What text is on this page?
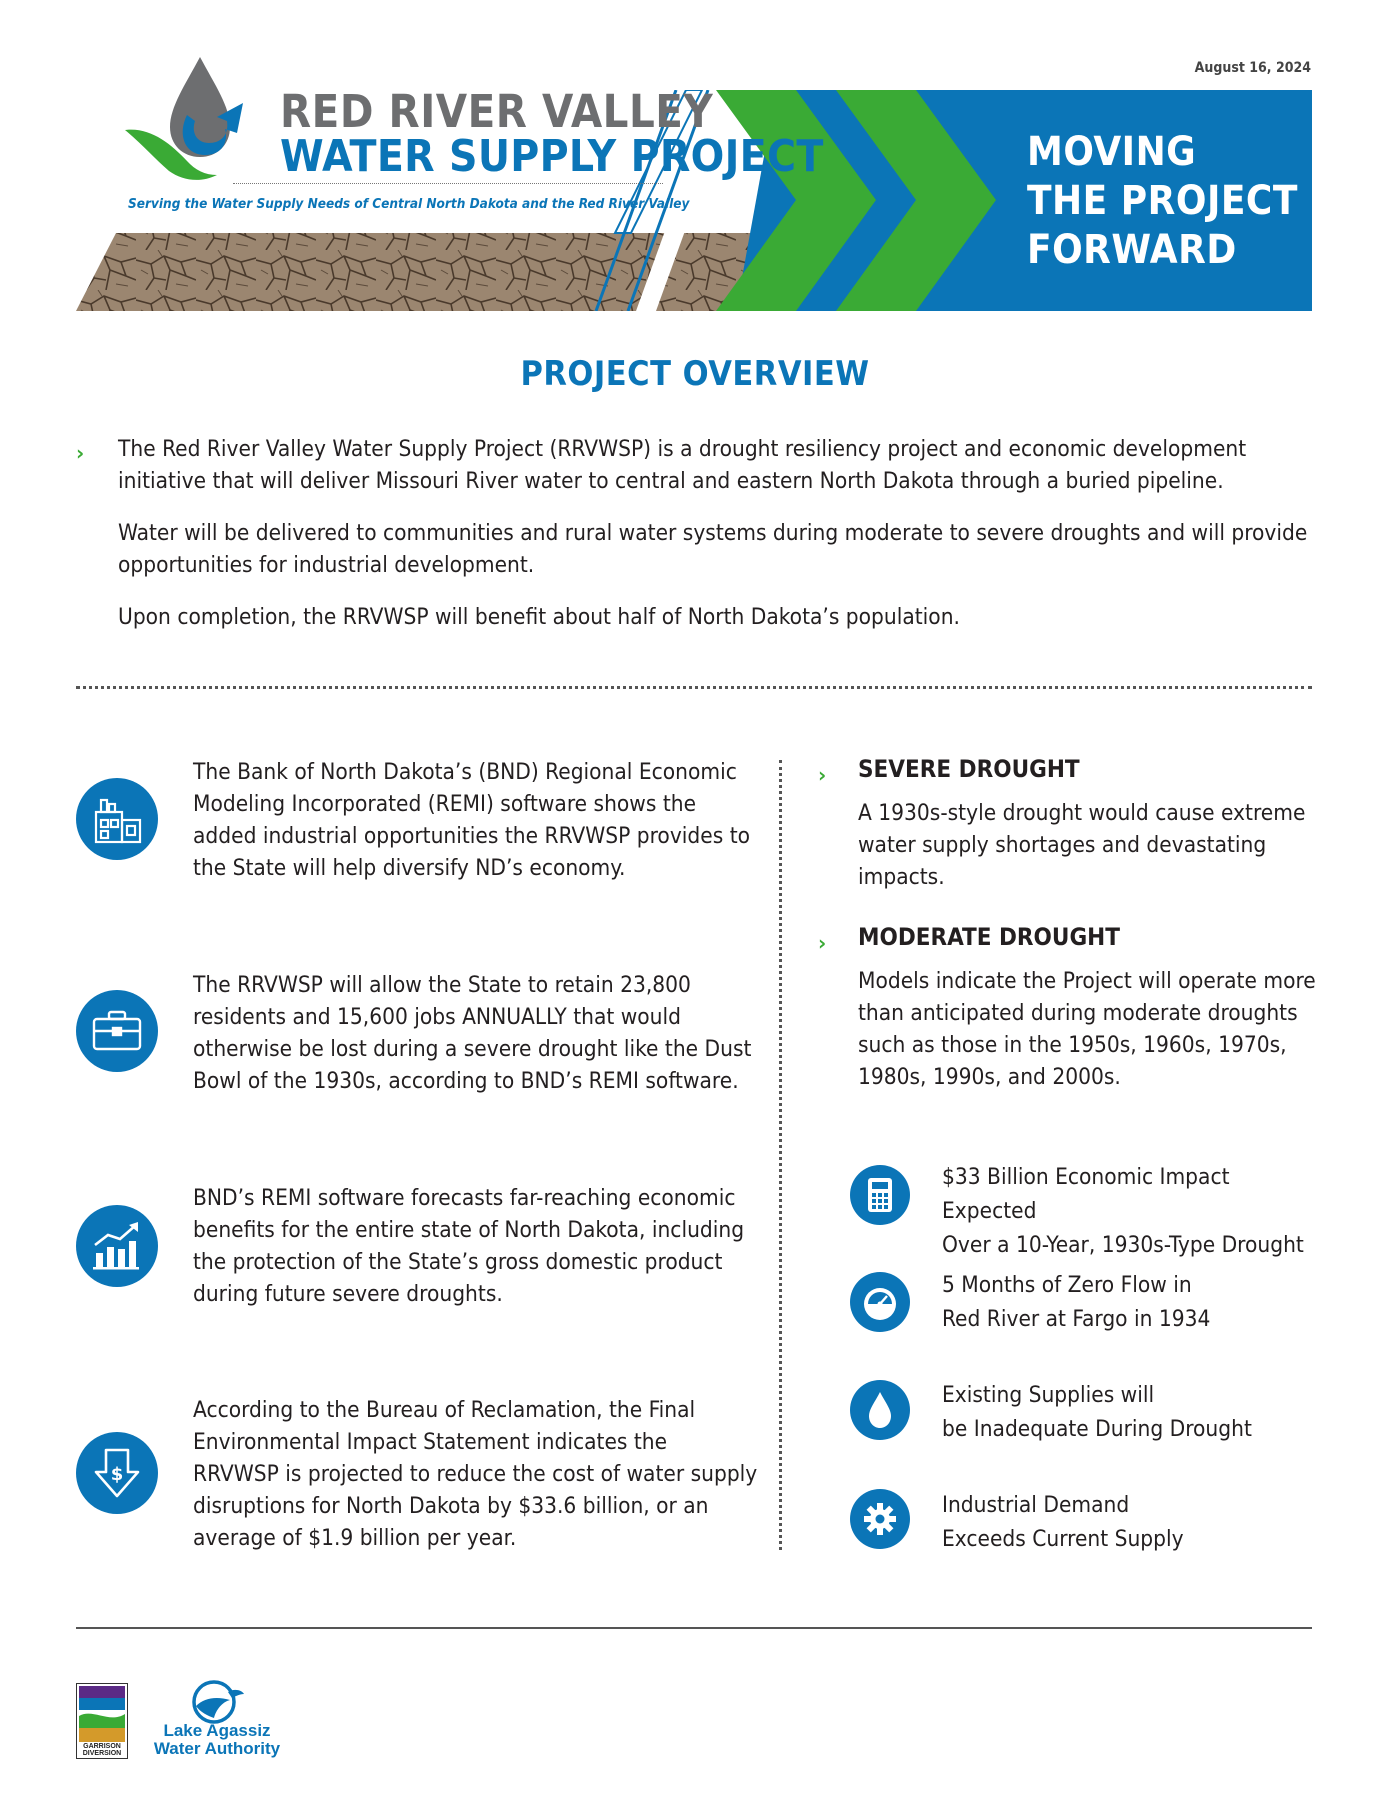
August 16, 2024
MOVING
THE PROJECT
FORWARD
RED RIVER VALLEY
WATER SUPPLY PROJECT
Serving the Water Supply Needs of Central North Dakota and the Red River Valley
PROJECT OVERVIEW
› The Red River Valley Water Supply Project (RRVWSP) is a drought resiliency project and economic development initiative that will deliver Missouri River water to central and eastern North Dakota through a buried pipeline.

Water will be delivered to communities and rural water systems during moderate to severe droughts and will provide opportunities for industrial development.

Upon completion, the RRVWSP will benefit about half of North Dakota’s population.

The Bank of North Dakota’s (BND) Regional Economic Modeling Incorporated (REMI) software shows the added industrial opportunities the RRVWSP provides to the State will help diversify ND’s economy.

The RRVWSP will allow the State to retain 23,800 residents and 15,600 jobs ANNUALLY that would otherwise be lost during a severe drought like the Dust Bowl of the 1930s, according to BND’s REMI software.

BND’s REMI software forecasts far-reaching economic benefits for the entire state of North Dakota, including the protection of the State’s gross domestic product during future severe droughts.

$

According to the Bureau of Reclamation, the Final Environmental Impact Statement indicates the RRVWSP is projected to reduce the cost of water supply disruptions for North Dakota by $33.6 billion, or an average of $1.9 billion per year.

› SEVERE DROUGHT

A 1930s-style drought would cause extreme water supply shortages and devastating impacts.

› MODERATE DROUGHT

Models indicate the Project will operate more than anticipated during moderate droughts such as those in the 1950s, 1960s, 1970s, 1980s, 1990s, and 2000s.

$33 Billion Economic Impact Expected
Over a 10-Year, 1930s-Type Drought
5 Months of Zero Flow in
Red River at Fargo in 1934
Existing Supplies will
be Inadequate During Drought
Industrial Demand
Exceeds Current Supply
GARRISON DIVERSION
Lake Agassiz
Water Authority
